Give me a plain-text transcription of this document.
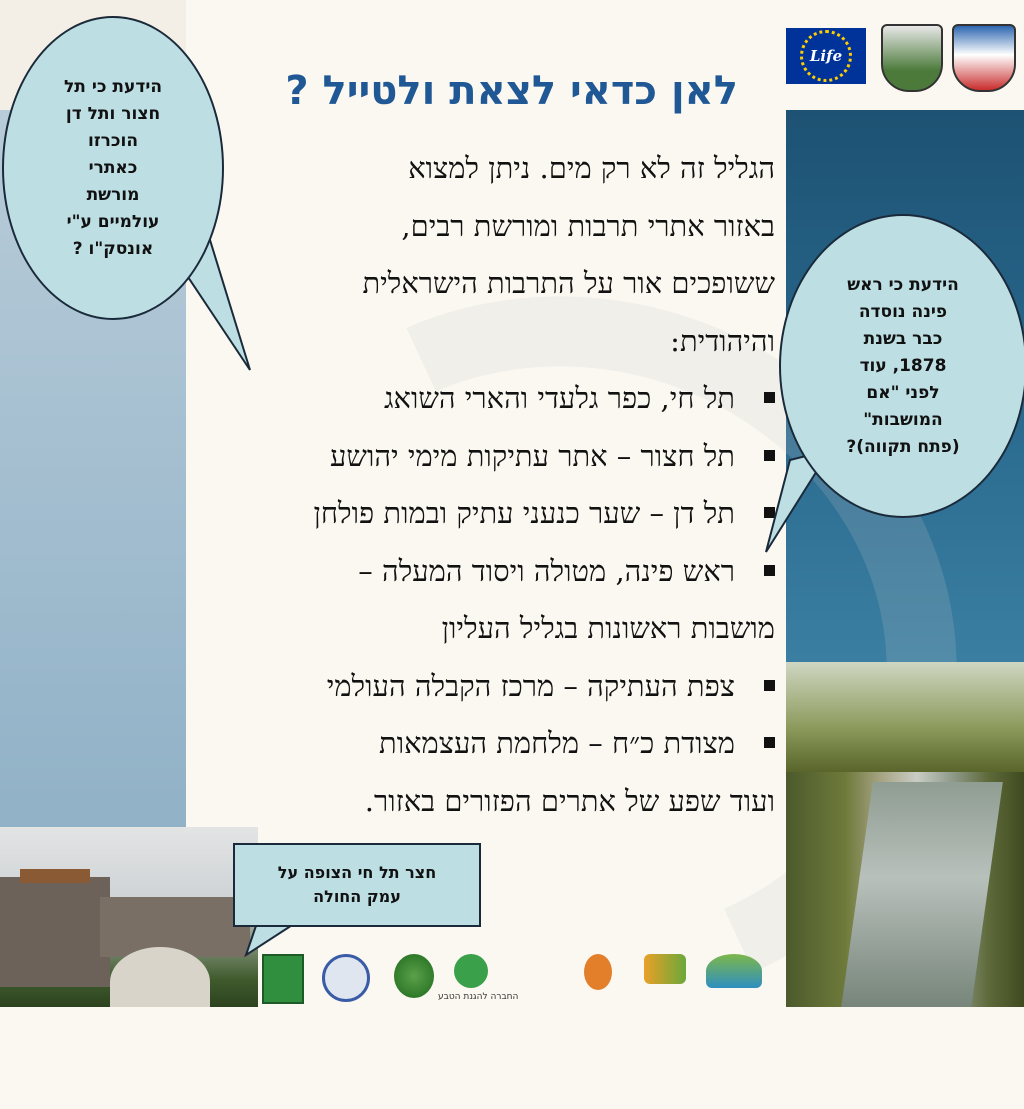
Life
לאן כדאי לצאת ולטייל ?

הגליל זה לא רק מים. ניתן למצוא

באזור אתרי תרבות ומורשת רבים,

ששופכים אור על התרבות הישראלית

והיהודית:

תל חי, כפר גלעדי והארי השואג
תל חצור – אתר עתיקות מימי יהושע
תל דן – שער כנעני עתיק ובמות פולחן
ראש פינה, מטולה ויסוד המעלה –

מושבות ראשונות בגליל העליון

צפת העתיקה – מרכז הקבלה העולמי
מצודת כ״ח – מלחמת העצמאות

ועוד שפע של אתרים הפזורים באזור.

הידעת כי תל
חצור ותל דן
הוכרזו
כאתרי
מורשת
עולמיים ע"י
אונסק"ו ?
הידעת כי ראש
פינה נוסדה
כבר בשנת
1878, עוד
לפני "אם
המושבות"
(פתח תקווה)?
חצר תל חי הצופה על
עמק החולה
החברה להגנת הטבע
